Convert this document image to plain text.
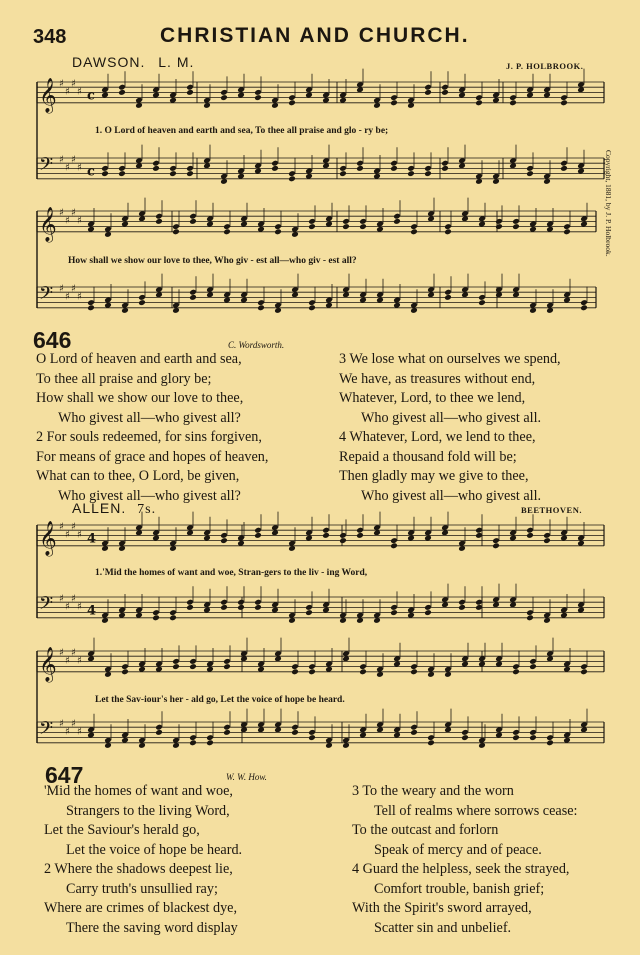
348	CHRISTIAN AND CHURCH.
𝄞 ♯
♯
♯
♯ c
𝄢 ♯
♯
♯
♯ c
𝄞 ♯
♯
♯
♯
𝄢 ♯
♯
♯
♯
𝄞 ♯
♯
♯
♯ 4
𝄢 ♯
♯
♯
♯ 4
𝄞 ♯
♯
♯
♯
𝄢 ♯
♯
♯
♯
DAWSON. L. M.	J. P. HOLBROOK.
1. O Lord of heaven and earth and sea, To thee all praise and glo - ry be;
How shall we show our love to thee, Who giv - est all—who giv - est all?
Copyright, 1881, by J. P. Holbrook.
646	C. Wordsworth.
O Lord of heaven and earth and sea,
To thee all praise and glory be;
How shall we show our love to thee,
Who givest all—who givest all?
2 For souls redeemed, for sins forgiven,
For means of grace and hopes of heaven,
What can to thee, O Lord, be given,
Who givest all—who givest all?
3 We lose what on ourselves we spend,
We have, as treasures without end,
Whatever, Lord, to thee we lend,
Who givest all—who givest all.
4 Whatever, Lord, we lend to thee,
Repaid a thousand fold will be;
Then gladly may we give to thee,
Who givest all—who givest all.
ALLEN. 7s.	BEETHOVEN.
1.'Mid the homes of want and woe, Stran-gers to the liv - ing Word,
Let the Sav-iour's her - ald go, Let the voice of hope be heard.
647	W. W. How.
'Mid the homes of want and woe,
Strangers to the living Word,
Let the Saviour's herald go,
Let the voice of hope be heard.
2 Where the shadows deepest lie,
Carry truth's unsullied ray;
Where are crimes of blackest dye,
There the saving word display
3 To the weary and the worn
Tell of realms where sorrows cease:
To the outcast and forlorn
Speak of mercy and of peace.
4 Guard the helpless, seek the strayed,
Comfort trouble, banish grief;
With the Spirit's sword arrayed,
Scatter sin and unbelief.
